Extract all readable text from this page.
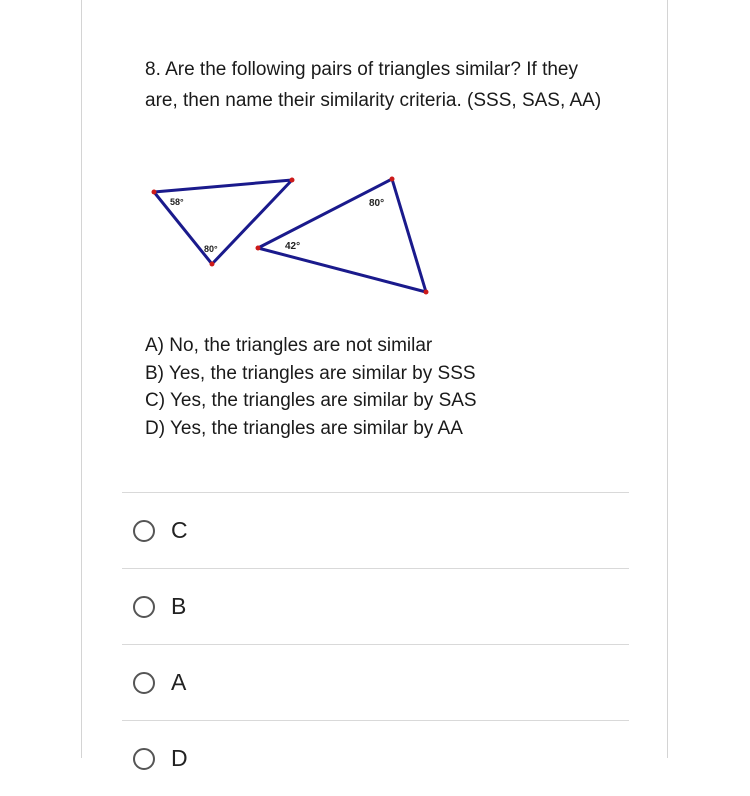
8. Are the following pairs of triangles similar? If they are, then name their similarity criteria. (SSS, SAS, AA)
58°
80°
80°
42°
A) No, the triangles are not similar
B) Yes, the triangles are similar by SSS
C) Yes, the triangles are similar by SAS
D) Yes, the triangles are similar by AA
C
B
A
D
